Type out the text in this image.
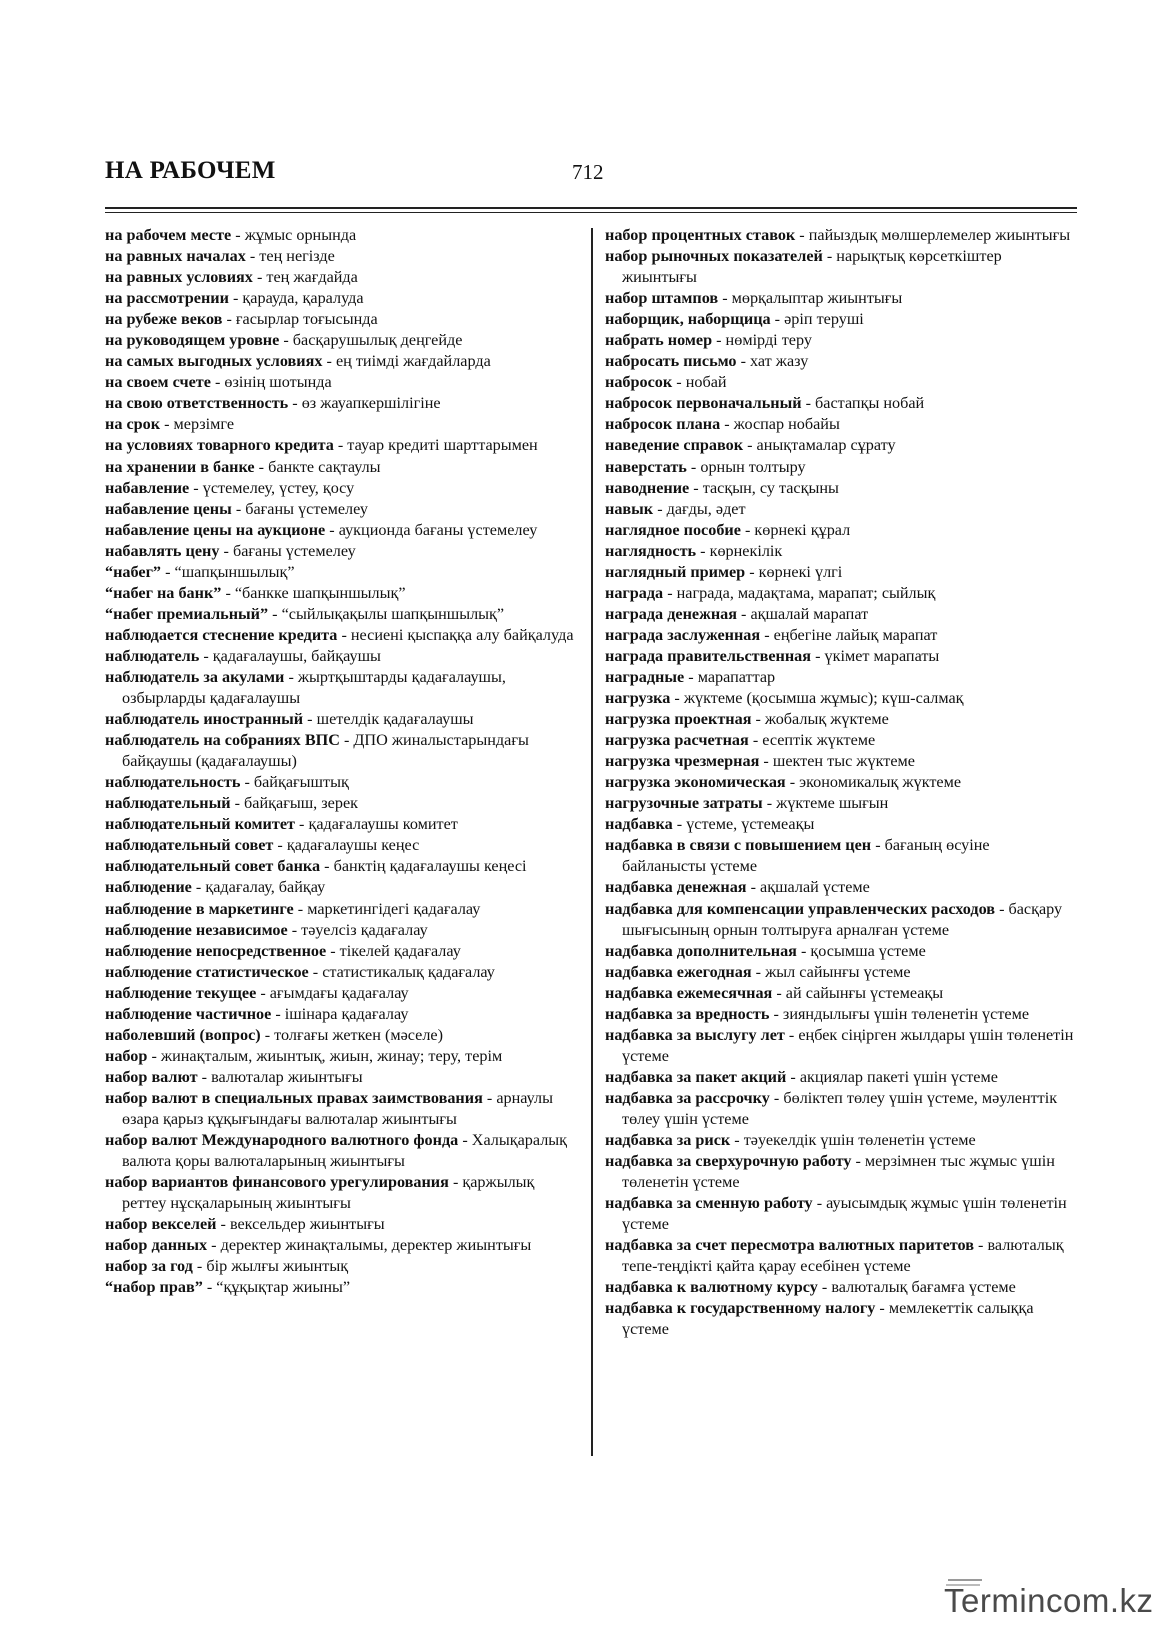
НА РАБОЧЕМ	712
на рабочем месте - жұмыс орнында
на равных началах - тең негізде
на равных условиях - тең жағдайда
на рассмотрении - қарауда, қаралуда
на рубеже веков - ғасырлар тоғысында
на руководящем уровне - басқарушылық деңгейде
на самых выгодных условиях - ең тиімді жағдайларда
на своем счете - өзінің шотында
на свою ответственность - өз жауапкершілігіне
на срок - мерзімге
на условиях товарного кредита - тауар кредиті шарттарымен
на хранении в банке - банкте сақтаулы
набавление - үстемелеу, үстеу, қосу
набавление цены - бағаны үстемелеу
набавление цены на аукционе - аукционда бағаны үстемелеу
набавлять цену - бағаны үстемелеу
“набег” - “шапқыншылық”
“набег на банк” - “банкке шапқыншылық”
“набег премиальный” - “сыйлықақылы шапқыншылық”
наблюдается стеснение кредита - несиені қыспаққа алу байқалуда
наблюдатель - қадағалаушы, байқаушы
наблюдатель за акулами - жыртқыштарды қадағалаушы, озбырларды қадағалаушы
наблюдатель иностранный - шетелдік қадағалаушы
наблюдатель на собраниях ВПС - ДПО жиналыстарындағы байқаушы (қадағалаушы)
наблюдательность - байқағыштық
наблюдательный - байқағыш, зерек
наблюдательный комитет - қадағалаушы комитет
наблюдательный совет - қадағалаушы кеңес
наблюдательный совет банка - банктің қадағалаушы кеңесі
наблюдение - қадағалау, байқау
наблюдение в маркетинге - маркетингідегі қадағалау
наблюдение независимое - тәуелсіз қадағалау
наблюдение непосредственное - тікелей қадағалау
наблюдение статистическое - статистикалық қадағалау
наблюдение текущее - ағымдағы қадағалау
наблюдение частичное - ішінара қадағалау
наболевший (вопрос) - толғағы жеткен (мәселе)
набор - жинақталым, жиынтық, жиын, жинау; теру, терім
набор валют - валюталар жиынтығы
набор валют в специальных правах заимствования - арнаулы өзара қарыз құқығындағы валюталар жиынтығы
набор валют Международного валютного фонда - Халықаралық валюта қоры валюталарының жиынтығы
набор вариантов финансового урегулирования - қаржылық реттеу нұсқаларының жиынтығы
набор векселей - вексельдер жиынтығы
набор данных - деректер жинақталымы, деректер жиынтығы
набор за год - бір жылғы жиынтық
“набор прав” - “құқықтар жиыны”
набор процентных ставок - пайыздық мөлшерлемелер жиынтығы
набор рыночных показателей - нарықтық көрсеткіштер жиынтығы
набор штампов - мөрқалыптар жиынтығы
наборщик, наборщица - әріп теруші
набрать номер - нөмірді теру
набросать письмо - хат жазу
набросок - нобай
набросок первоначальный - бастапқы нобай
набросок плана - жоспар нобайы
наведение справок - анықтамалар сұрату
наверстать - орнын толтыру
наводнение - тасқын, су тасқыны
навык - дағды, әдет
наглядное пособие - көрнекі құрал
наглядность - көрнекілік
наглядный пример - көрнекі үлгі
награда - награда, мадақтама, марапат; сыйлық
награда денежная - ақшалай марапат
награда заслуженная - еңбегіне лайық марапат
награда правительственная - үкімет марапаты
наградные - марапаттар
нагрузка - жүктеме (қосымша жұмыс); күш-салмақ
нагрузка проектная - жобалық жүктеме
нагрузка расчетная - есептік жүктеме
нагрузка чрезмерная - шектен тыс жүктеме
нагрузка экономическая - экономикалық жүктеме
нагрузочные затраты - жүктеме шығын
надбавка - үстеме, үстемеақы
надбавка в связи с повышением цен - бағаның өсуіне байланысты үстеме
надбавка денежная - ақшалай үстеме
надбавка для компенсации управленческих расходов - басқару шығысының орнын толтыруға арналған үстеме
надбавка дополнительная - қосымша үстеме
надбавка ежегодная - жыл сайынғы үстеме
надбавка ежемесячная - ай сайынғы үстемеақы
надбавка за вредность - зияндылығы үшін төленетін үстеме
надбавка за выслугу лет - еңбек сіңірген жылдары үшін төленетін үстеме
надбавка за пакет акций - акциялар пакеті үшін үстеме
надбавка за рассрочку - бөліктеп төлеу үшін үстеме, мәуленттік төлеу үшін үстеме
надбавка за риск - тәуекелдік үшін төленетін үстеме
надбавка за сверхурочную работу - мерзімнен тыс жұмыс үшін төленетін үстеме
надбавка за сменную работу - ауысымдық жұмыс үшін төленетін үстеме
надбавка за счет пересмотра валютных паритетов - валюталық тепе-теңдікті қайта қарау есебінен үстеме
надбавка к валютному курсу - валюталық бағамға үстеме
надбавка к государственному налогу - мемлекеттік салыққа үстеме
Termincom.kz
